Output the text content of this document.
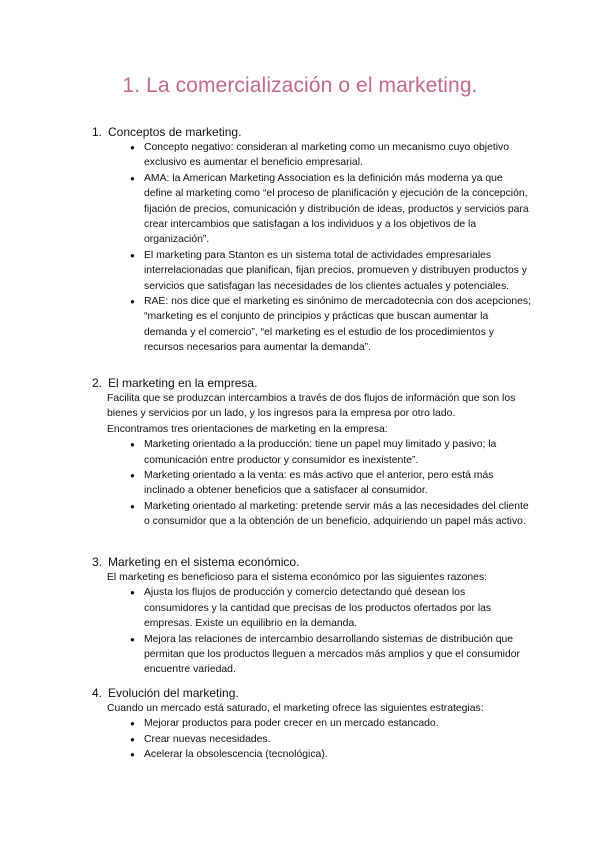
1. La comercialización o el marketing.
1. Conceptos de marketing.
● Concepto negativo: consideran al marketing como un mecanismo cuyo objetivo exclusivo es aumentar el beneficio empresarial.
● AMA: la American Marketing Association es la definición más moderna ya que define al marketing como “el proceso de planificación y ejecución de la concepción, fijación de precios, comunicación y distribución de ideas, productos y servicios para crear intercambios que satisfagan a los individuos y a los objetivos de la organización”.
● El marketing para Stanton es un sistema total de actividades empresariales interrelacionadas que planifican, fijan precios, promueven y distribuyen productos y servicios que satisfagan las necesidades de los clientes actuales y potenciales.
● RAE: nos dice que el marketing es sinónimo de mercadotecnia con dos acepciones; “marketing es el conjunto de principios y prácticas que buscan aumentar la demanda y el comercio”, “el marketing es el estudio de los procedimientos y recursos necesarios para aumentar la demanda”.
2. El marketing en la empresa.
Facilita que se produzcan intercambios a través de dos flujos de información que son los bienes y servicios por un lado, y los ingresos para la empresa por otro lado.
Encontramos tres orientaciones de marketing en la empresa:
● Marketing orientado a la producción: tiene un papel muy limitado y pasivo; la comunicación entre productor y consumidor es inexistente”.
● Marketing orientado a la venta: es más activo que el anterior, pero está más inclinado a obtener beneficios que a satisfacer al consumidor.
● Marketing orientado al marketing: pretende servir más a las necesidades del cliente o consumidor que a la obtención de un beneficio, adquiriendo un papel más activo.
3. Marketing en el sistema económico.
El marketing es beneficioso para el sistema económico por las siguientes razones:
● Ajusta los flujos de producción y comercio detectando qué desean los consumidores y la cantidad que precisas de los productos ofertados por las empresas. Existe un equilibrio en la demanda.
● Mejora las relaciones de intercambio desarrollando sistemas de distribución que permitan que los productos lleguen a mercados más amplios y que el consumidor encuentre variedad.
4. Evolución del marketing.
Cuando un mercado está saturado, el marketing ofrece las siguientes estrategias:
● Mejorar productos para poder crecer en un mercado estancado.
● Crear nuevas necesidades.
● Acelerar la obsolescencia (tecnológica).
